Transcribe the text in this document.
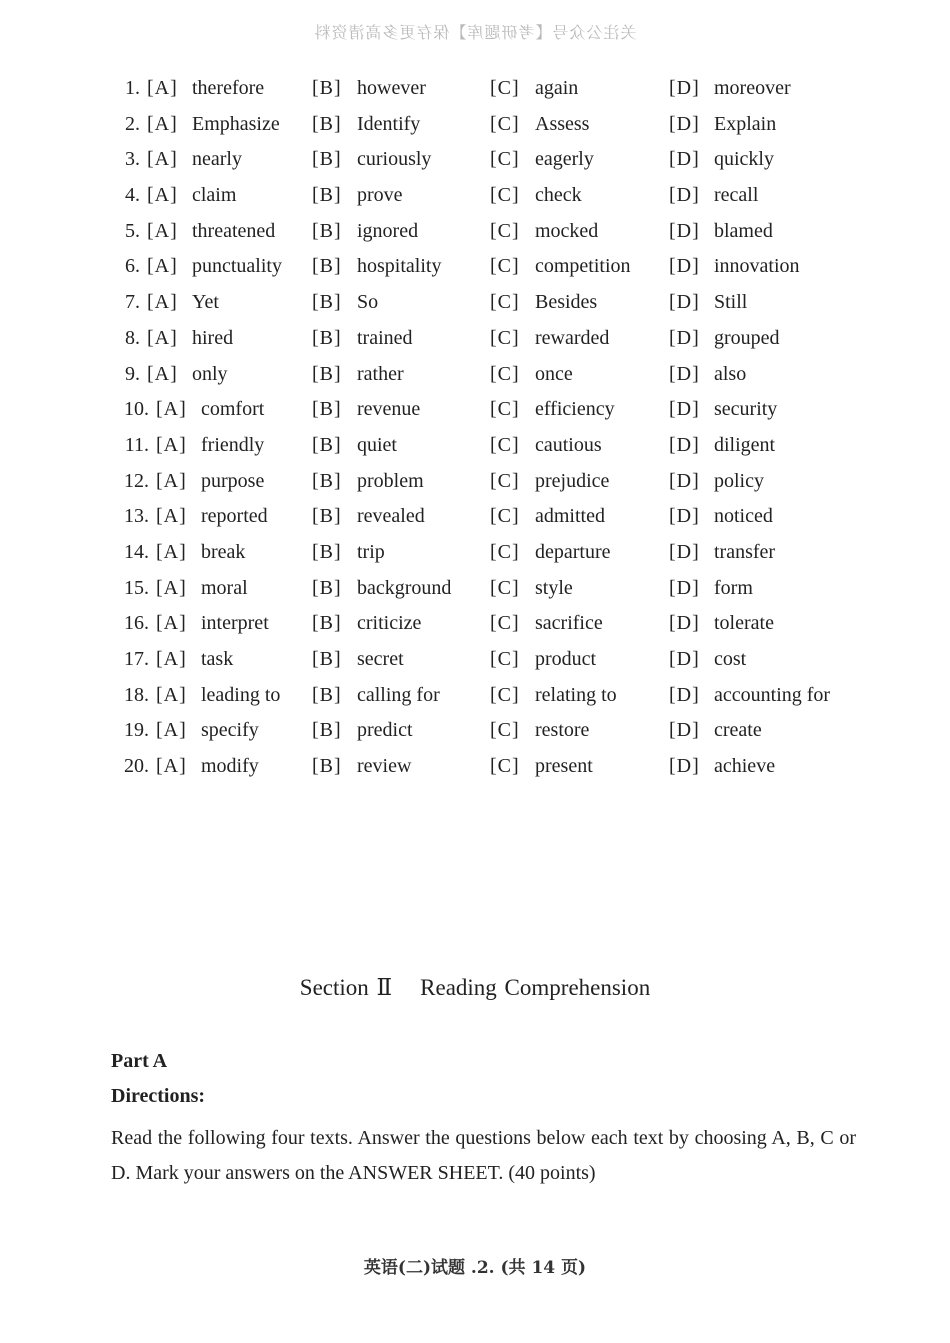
关注公众号【考研题库】保存更多高清资料
1. [A] therefore [B] however	[C] again	[D] moreover
2. [A] Emphasize [B] Identify	[C] Assess	[D] Explain
3. [A] nearly	[B] curiously	[C] eagerly	[D] quickly
4. [A] claim	[B] prove	[C] check	[D] recall
5. [A] threatened [B] ignored	[C] mocked	[D] blamed
6. [A] punctuality [B] hospitality [C] competition [D] innovation
7. [A] Yet	[B] So	[C] Besides	[D] Still
8. [A] hired	[B] trained	[C] rewarded	[D] grouped
9. [A] only	[B] rather	[C] once	[D] also
10. [A] comfort [B] revenue	[C] efficiency	[D] security
11. [A] friendly [B] quiet	[C] cautious	[D] diligent
12. [A] purpose [B] problem	[C] prejudice	[D] policy
13. [A] reported [B] revealed	[C] admitted	[D] noticed
14. [A] break	[B] trip	[C] departure	[D] transfer
15. [A] moral	[B] background [C] style	[D] form
16. [A] interpret [B] criticize	[C] sacrifice	[D] tolerate
17. [A] task	[B] secret	[C] product	[D] cost
18. [A] leading to [B] calling for	[C] relating to	[D] accounting for
19. [A] specify	[B] predict	[C] restore	[D] create
20. [A] modify	[B] review	[C] present	[D] achieve
Section Ⅱ Reading Comprehension
Part A
Directions:
Read the following four texts. Answer the questions below each text by choosing A, B, C or D. Mark your answers on the ANSWER SHEET. (40 points)
英语(二)试题 .2. (共 14 页)
